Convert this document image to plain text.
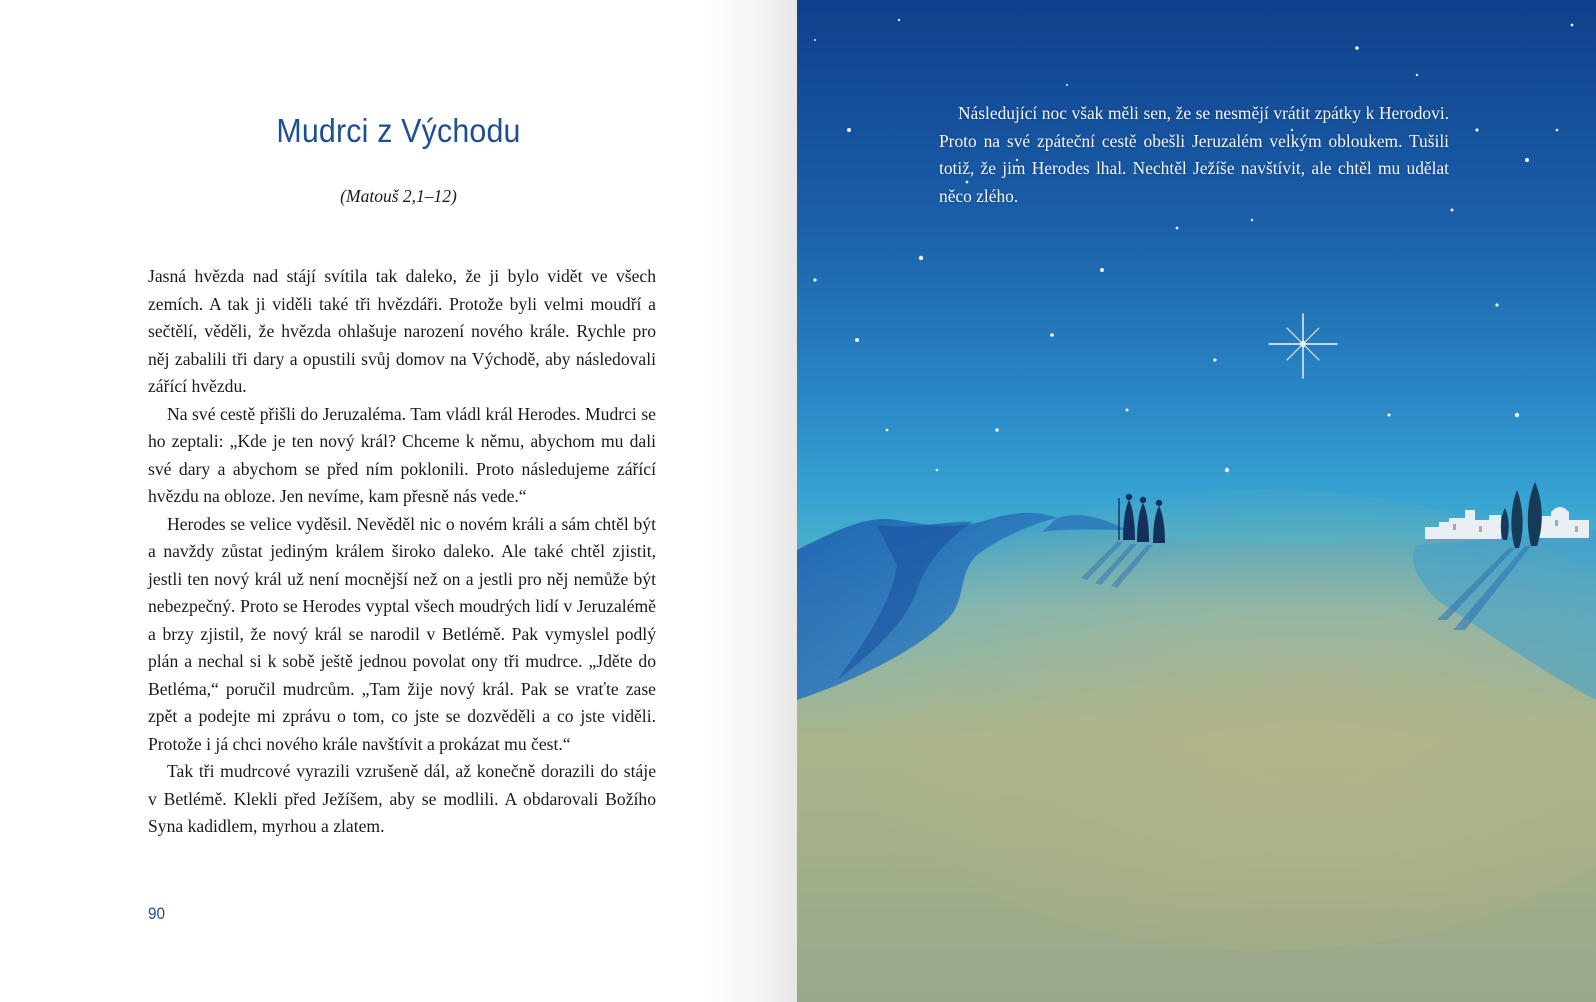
Mudrci z Východu
(Matouš 2,1–12)

Jasná hvězda nad stájí svítila tak daleko, že ji bylo vidět ve všech zemích. A tak ji viděli také tři hvězdáři. Protože byli velmi moudří a sečtělí, věděli, že hvězda ohlašuje narození nového krále. Rychle pro něj zabalili tři dary a opustili svůj domov na Východě, aby následovali zářící hvězdu.

Na své cestě přišli do Jeruzaléma. Tam vládl král Herodes. Mudrci se ho zeptali: „Kde je ten nový král? Chceme k němu, abychom mu dali své dary a abychom se před ním poklonili. Proto následujeme zářící hvězdu na obloze. Jen nevíme, kam přesně nás vede.“

Herodes se velice vyděsil. Nevěděl nic o novém králi a sám chtěl být a navždy zůstat jediným králem široko daleko. Ale také chtěl zjistit, jestli ten nový král už není mocnější než on a jestli pro něj nemůže být nebezpečný. Proto se Herodes vyptal všech moudrých lidí v Jeruzalémě a brzy zjistil, že nový král se narodil v Betlémě. Pak vymyslel podlý plán a nechal si k sobě ještě jednou povolat ony tři mudrce. „Jděte do Betléma,“ poručil mudrcům. „Tam žije nový král. Pak se vraťte zase zpět a podejte mi zprávu o tom, co jste se dozvěděli a co jste viděli. Protože i já chci nového krále navštívit a prokázat mu čest.“

Tak tři mudrcové vyrazili vzrušeně dál, až konečně dorazili do stáje v Betlémě. Klekli před Ježíšem, aby se modlili. A obdarovali Božího Syna kadidlem, myrhou a zlatem.

90

Následující noc však měli sen, že se nesmějí vrátit zpátky k Herodovi. Proto na své zpáteční cestě obešli Jeruzalém velkým obloukem. Tušili totiž, že jim Herodes lhal. Nechtěl Ježíše navštívit, ale chtěl mu udělat něco zlého.
